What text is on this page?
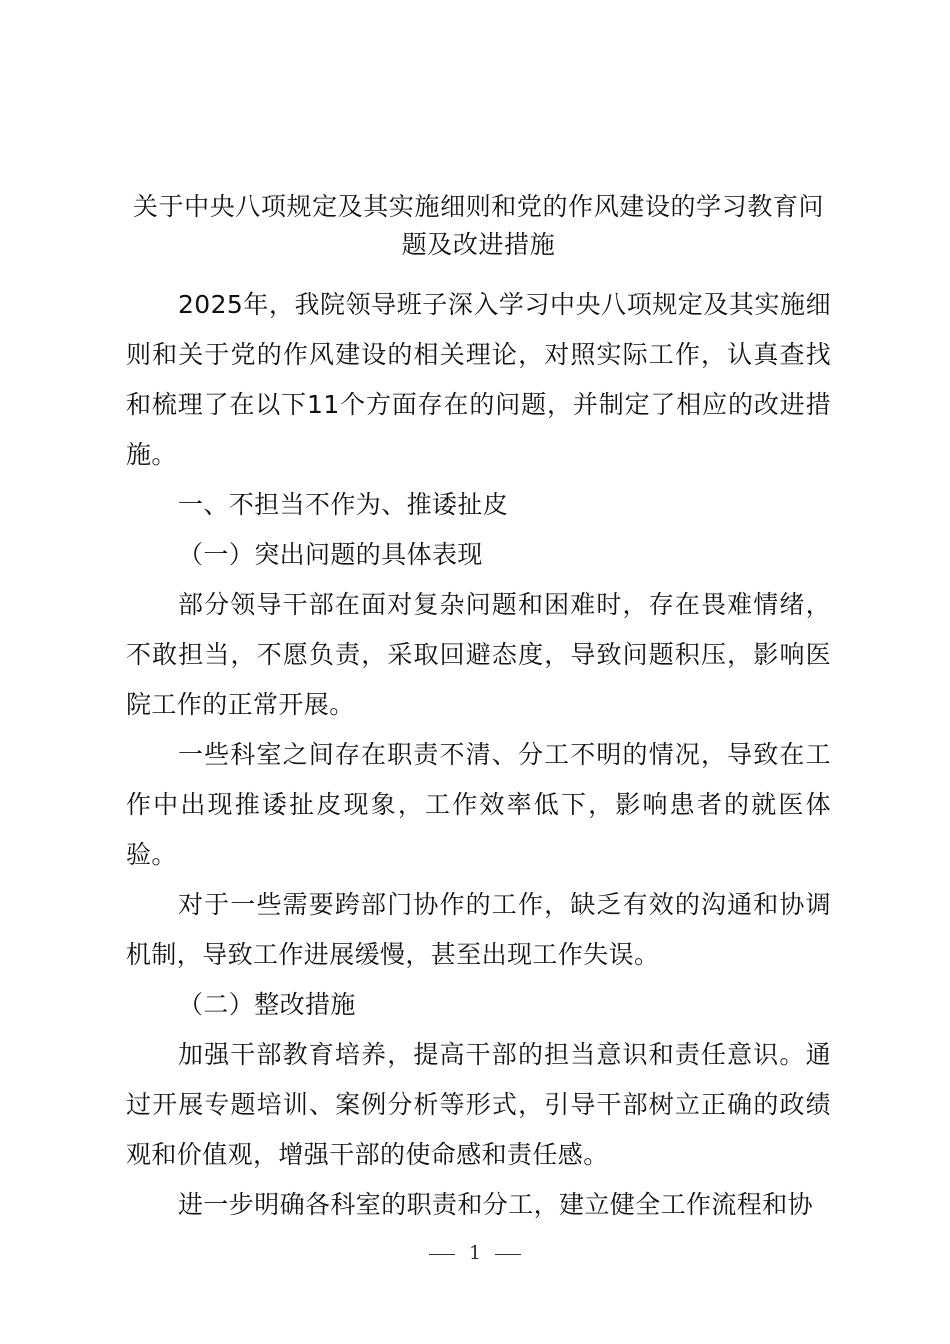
关于中央八项规定及其实施细则和党的作风建设的学习教育问题及改进措施

2025年，我院领导班子深入学习中央八项规定及其实施细则和关于党的作风建设的相关理论，对照实际工作，认真查找和梳理了在以下11个方面存在的问题，并制定了相应的改进措施。

一、不担当不作为、推诿扯皮

（一）突出问题的具体表现

部分领导干部在面对复杂问题和困难时，存在畏难情绪，不敢担当，不愿负责，采取回避态度，导致问题积压，影响医院工作的正常开展。

一些科室之间存在职责不清、分工不明的情况，导致在工作中出现推诿扯皮现象，工作效率低下，影响患者的就医体验。

对于一些需要跨部门协作的工作，缺乏有效的沟通和协调机制，导致工作进展缓慢，甚至出现工作失误。

（二）整改措施

加强干部教育培养，提高干部的担当意识和责任意识。通过开展专题培训、案例分析等形式，引导干部树立正确的政绩观和价值观，增强干部的使命感和责任感。

进一步明确各科室的职责和分工，建立健全工作流程和协

1
